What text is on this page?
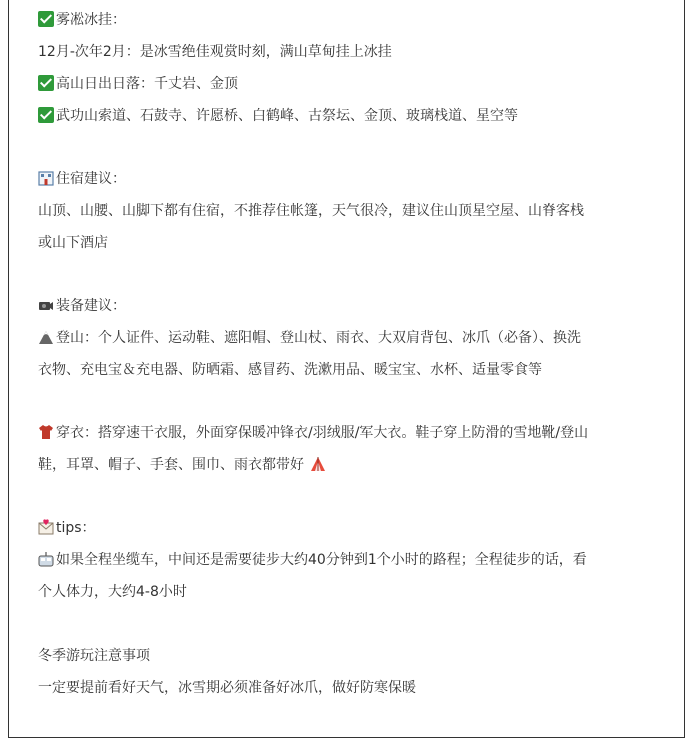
雾凇冰挂：
12月-次年2月：是冰雪绝佳观赏时刻，满山草甸挂上冰挂
高山日出日落：千丈岩、金顶
武功山索道、石鼓寺、许愿桥、白鹤峰、古祭坛、金顶、玻璃栈道、星空等
住宿建议：
山顶、山腰、山脚下都有住宿，不推荐住帐篷，天气很冷，建议住山顶星空屋、山脊客栈
或山下酒店
装备建议：
登山：个人证件、运动鞋、遮阳帽、登山杖、雨衣、大双肩背包、冰爪（必备）、换洗
衣物、充电宝＆充电器、防晒霜、感冒药、洗漱用品、暖宝宝、水杯、适量零食等
穿衣：搭穿速干衣服，外面穿保暖冲锋衣/羽绒服/军大衣。鞋子穿上防滑的雪地靴/登山
鞋，耳罩、帽子、手套、围巾、雨衣都带好
tips：
如果全程坐缆车，中间还是需要徒步大约40分钟到1个小时的路程；全程徒步的话，看
个人体力，大约4-8小时
冬季游玩注意事项
一定要提前看好天气，冰雪期必须准备好冰爪，做好防寒保暖
